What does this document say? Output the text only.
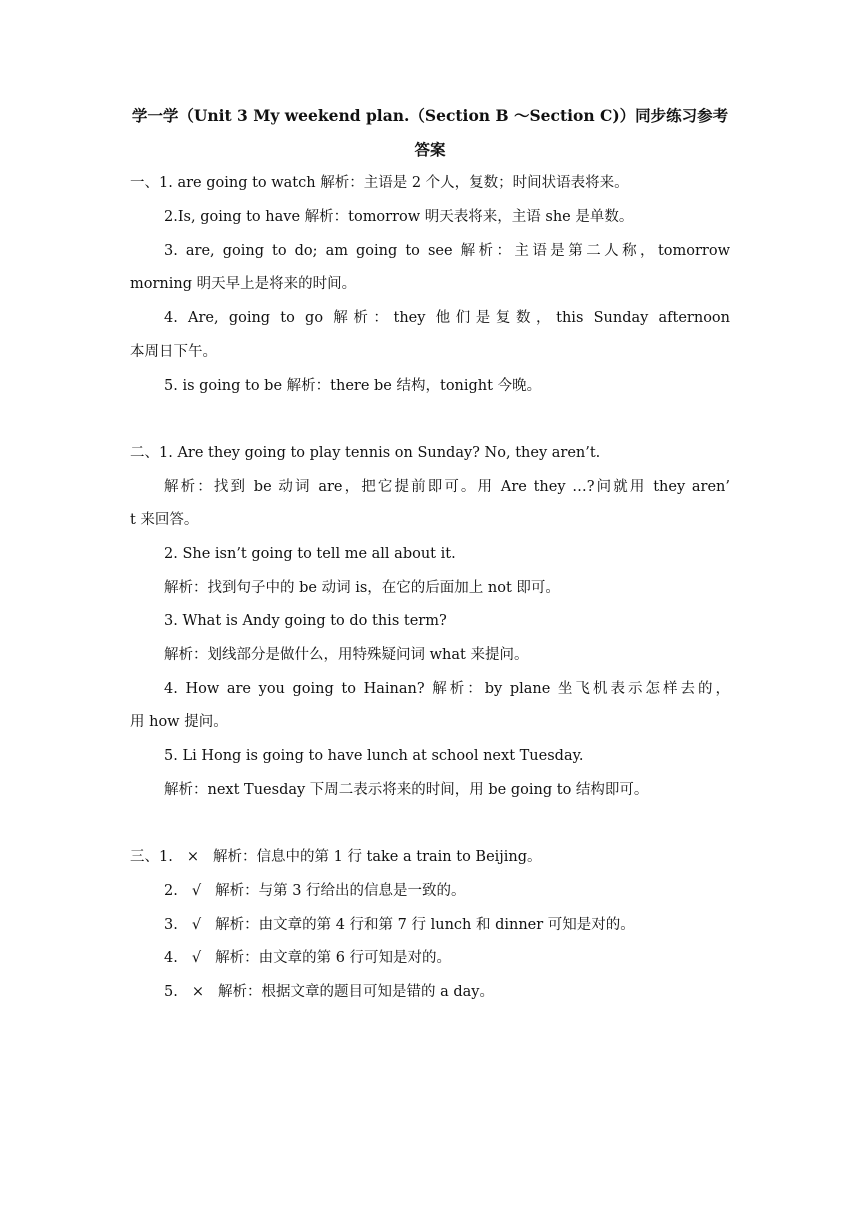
学一学（Unit 3 My weekend plan.（Section B ～Section C)）同步练习参考
答案
一、1. are going to watch 解析：主语是 2 个人，复数；时间状语表将来。
2.Is, going to have 解析：tomorrow 明天表将来，主语 she 是单数。
3. are, going to do; am going to see 解析：主语是第二人称，tomorrow
morning 明天早上是将来的时间。
4. Are, going to go 解析：they 他们是复数，this Sunday afternoon
本周日下午。
5. is going to be 解析：there be 结构，tonight 今晚。
二、1. Are they going to play tennis on Sunday? No, they aren’t.
解析：找到 be 动词 are，把它提前即可。用 Are they …?问就用 they aren’
t 来回答。
2. She isn’t going to tell me all about it.
解析：找到句子中的 be 动词 is，在它的后面加上 not 即可。
3. What is Andy going to do this term?
解析：划线部分是做什么，用特殊疑问词 what 来提问。
4. How are you going to Hainan? 解析：by plane 坐飞机表示怎样去的，
用 how 提问。
5. Li Hong is going to have lunch at school next Tuesday.
解析：next Tuesday 下周二表示将来的时间，用 be going to 结构即可。
三、1. × 解析：信息中的第 1 行 take a train to Beijing。
2. √ 解析：与第 3 行给出的信息是一致的。
3. √ 解析：由文章的第 4 行和第 7 行 lunch 和 dinner 可知是对的。
4. √ 解析：由文章的第 6 行可知是对的。
5. × 解析：根据文章的题目可知是错的 a day。
